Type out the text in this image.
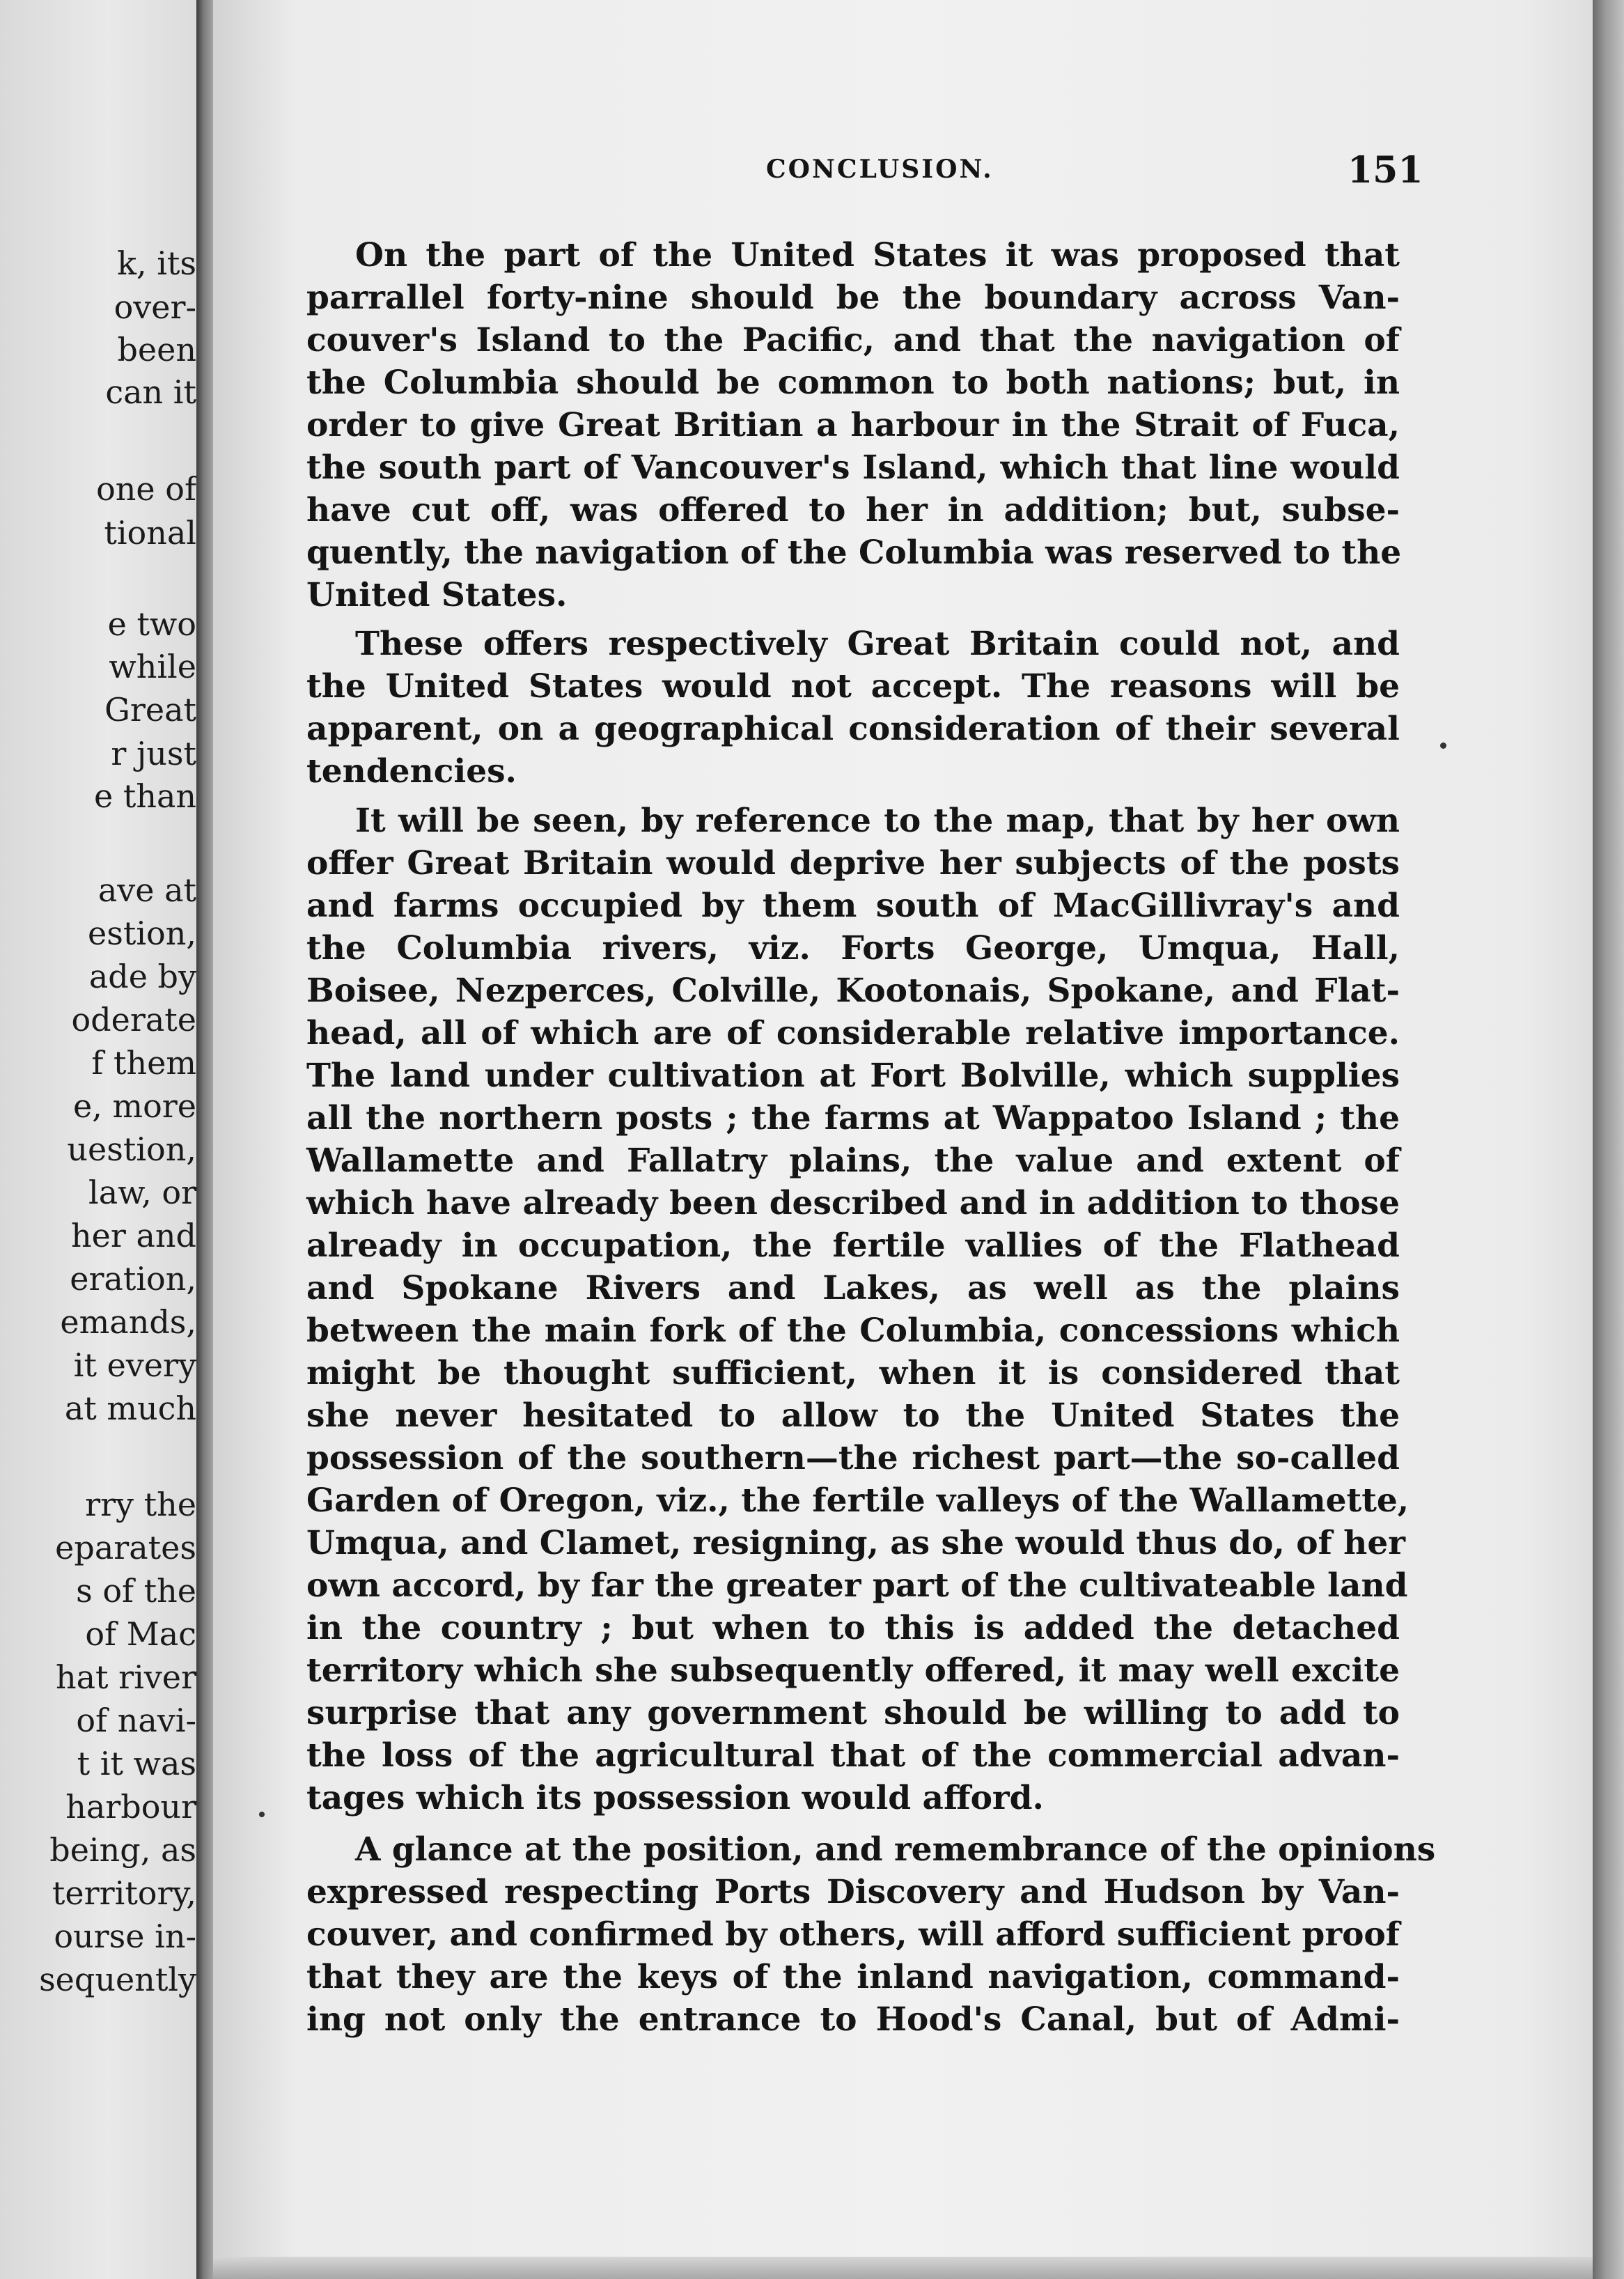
k, its
over-
been
can it
one of
tional
e two
while
Great
r just
e than
ave at
estion,
ade by
oderate
f them
e, more
uestion,
law, or
her and
eration,
emands,
it every
at much
rry the
eparates
s of the
of Mac
hat river
of navi-
t it was
harbour
being, as
territory,
ourse in-
sequently
CONCLUSION.	151
On the part of the United States it was proposed that
parrallel forty-nine should be the boundary across Van-
couver's Island to the Pacific, and that the navigation of
the Columbia should be common to both nations; but, in
order to give Great Britian a harbour in the Strait of Fuca,
the south part of Vancouver's Island, which that line would
have cut off, was offered to her in addition; but, subse-
quently, the navigation of the Columbia was reserved to the
United States.
These offers respectively Great Britain could not, and
the United States would not accept. The reasons will be
apparent, on a geographical consideration of their several
tendencies.
It will be seen, by reference to the map, that by her own
offer Great Britain would deprive her subjects of the posts
and farms occupied by them south of MacGillivray's and
the Columbia rivers, viz. Forts George, Umqua, Hall,
Boisee, Nezperces, Colville, Kootonais, Spokane, and Flat-
head, all of which are of considerable relative importance.
The land under cultivation at Fort Bolville, which supplies
all the northern posts ; the farms at Wappatoo Island ; the
Wallamette and Fallatry plains, the value and extent of
which have already been described and in addition to those
already in occupation, the fertile vallies of the Flathead
and Spokane Rivers and Lakes, as well as the plains
between the main fork of the Columbia, concessions which
might be thought sufficient, when it is considered that
she never hesitated to allow to the United States the
possession of the southern—the richest part—the so-called
Garden of Oregon, viz., the fertile valleys of the Wallamette,
Umqua, and Clamet, resigning, as she would thus do, of her
own accord, by far the greater part of the cultivateable land
in the country ; but when to this is added the detached
territory which she subsequently offered, it may well excite
surprise that any government should be willing to add to
the loss of the agricultural that of the commercial advan-
tages which its possession would afford.
A glance at the position, and remembrance of the opinions
expressed respecting Ports Discovery and Hudson by Van-
couver, and confirmed by others, will afford sufficient proof
that they are the keys of the inland navigation, command-
ing not only the entrance to Hood's Canal, but of Admi-
